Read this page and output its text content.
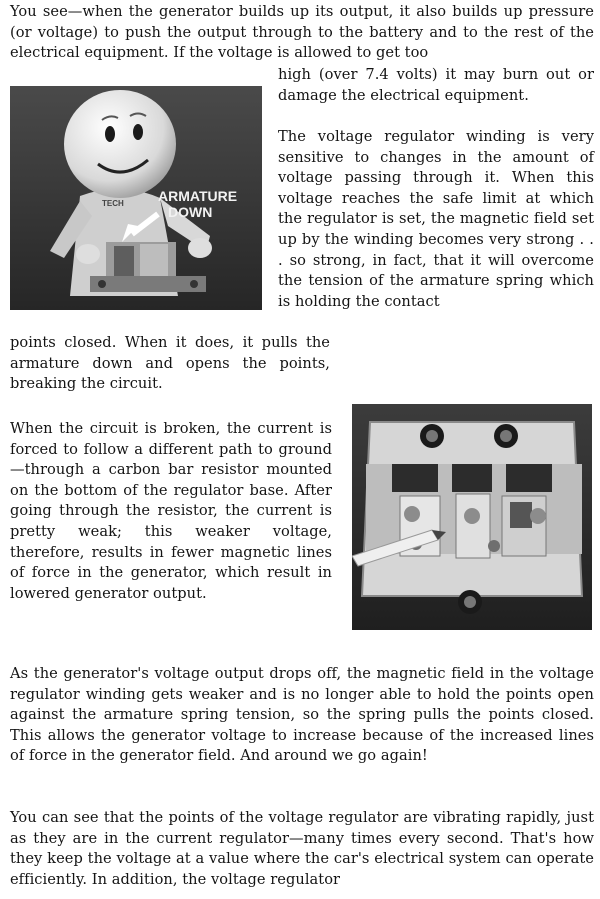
You see—when the generator builds up its output, it also builds up pressure (or voltage) to push the output through to the battery and to the rest of the electrical equipment. If the voltage is allowed to get too

TECH ARMATURE
DOWN

high (over 7.4 volts) it may burn out or damage the electrical equipment.

The voltage regulator winding is very sensitive to changes in the amount of voltage passing through it. When this voltage reaches the safe limit at which the regulator is set, the magnetic field set up by the winding becomes very strong . . . so strong, in fact, that it will overcome the tension of the armature spring which is holding the contact

points closed. When it does, it pulls the armature down and opens the points, breaking the circuit.

When the circuit is broken, the current is forced to follow a different path to ground—through a carbon bar resistor mounted on the bottom of the regulator base. After going through the resistor, the current is pretty weak; this weaker voltage, therefore, results in fewer magnetic lines of force in the generator, which result in lowered generator output.

As the generator's voltage output drops off, the magnetic field in the voltage regulator winding gets weaker and is no longer able to hold the points open against the armature spring tension, so the spring pulls the points closed. This allows the generator voltage to increase because of the increased lines of force in the generator field. And around we go again!

You can see that the points of the voltage regulator are vibrating rapidly, just as they are in the current regulator—many times every second. That's how they keep the voltage at a value where the car's electrical system can operate efficiently. In addition, the voltage regulator
